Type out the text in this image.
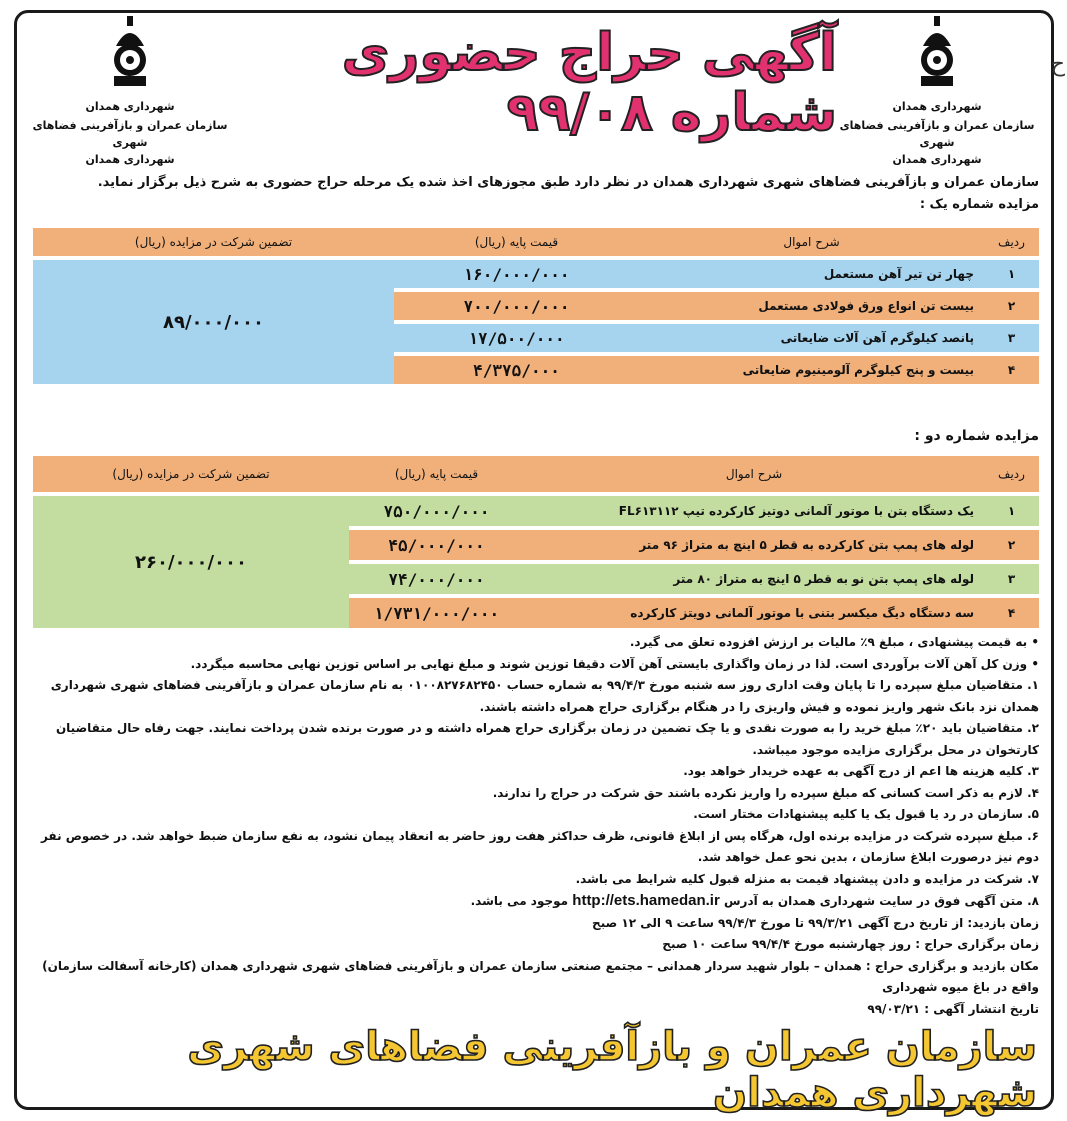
ح
شهرداری همدان
سازمان عمران و بازآفرینی فضاهای شهری
شهرداری همدان
شهرداری همدان
سازمان عمران و بازآفرینی فضاهای شهری
شهرداری همدان
آگهی حراج حضوری شماره ۹۹/۰۸
سازمان عمران و بازآفرینی فضاهای شهری شهرداری همدان در نظر دارد طبق مجوزهای اخذ شده یک مرحله حراج حضوری به شرح ذیل برگزار نماید.
مزایده شماره یک :
ردیف	شرح اموال	قیمت پایه (ریال)	تضمین شرکت در مزایده (ریال)
۱	چهار تن تیر آهن مستعمل	۱۶۰/۰۰۰/۰۰۰	۸۹/۰۰۰/۰۰۰
۲	بیست تن انواع ورق فولادی مستعمل	۷۰۰/۰۰۰/۰۰۰	
۳	پانصد کیلوگرم آهن آلات ضایعاتی	۱۷/۵۰۰/۰۰۰	
۴	بیست و پنج کیلوگرم آلومینیوم ضایعاتی	۴/۳۷۵/۰۰۰	
مزایده شماره دو :
ردیف	شرح اموال	قیمت پایه (ریال)	تضمین شرکت در مزایده (ریال)
۱	یک دستگاه بتن با موتور آلمانی دوتیز کارکرده تیپ FL۶۱۳۱۱۲	۷۵۰/۰۰۰/۰۰۰	۲۶۰/۰۰۰/۰۰۰
۲	لوله های پمپ بتن کارکرده به قطر ۵ اینچ به متراژ ۹۶ متر	۴۵/۰۰۰/۰۰۰	
۳	لوله های پمپ بتن نو به قطر ۵ اینچ به متراژ ۸۰ متر	۷۴/۰۰۰/۰۰۰	
۴	سه دستگاه دیگ میکسر بتنی با موتور آلمانی دویتز کارکرده	۱/۷۳۱/۰۰۰/۰۰۰	

• به قیمت پیشنهادی ، مبلغ ۹٪ مالیات بر ارزش افزوده تعلق می گیرد.

• وزن کل آهن آلات برآوردی است. لذا در زمان واگذاری بایستی آهن آلات دقیقا توزین شوند و مبلغ نهایی بر اساس توزین نهایی محاسبه میگردد.

۱. متقاضیان مبلغ سپرده را تا پایان وقت اداری روز سه شنبه مورخ ۹۹/۴/۳ به شماره حساب ۰۱۰۰۸۲۷۶۸۲۴۵۰ به نام سازمان عمران و بازآفرینی فضاهای شهری شهرداری همدان نزد بانک شهر واریز نموده و فیش واریزی را در هنگام برگزاری حراج همراه داشته باشند.

۲. متقاضیان باید ۲۰٪ مبلغ خرید را به صورت نقدی و یا چک تضمین در زمان برگزاری حراج همراه داشته و در صورت برنده شدن پرداخت نمایند. جهت رفاه حال متقاضیان کارتخوان در محل برگزاری مزایده موجود میباشد.

۳. کلیه هزینه ها اعم از درج آگهی به عهده خریدار خواهد بود.

۴. لازم به ذکر است کسانی که مبلغ سپرده را واریز نکرده باشند حق شرکت در حراج را ندارند.

۵. سازمان در رد یا قبول یک یا کلیه پیشنهادات مختار است.

۶. مبلغ سپرده شرکت در مزایده برنده اول، هرگاه پس از ابلاغ قانونی، ظرف حداکثر هفت روز حاضر به انعقاد پیمان نشود، به نفع سازمان ضبط خواهد شد. در خصوص نفر دوم نیز درصورت ابلاغ سازمان ، بدین نحو عمل خواهد شد.

۷. شرکت در مزایده و دادن پیشنهاد قیمت به منزله قبول کلیه شرایط می باشد.

۸. متن آگهی فوق در سایت شهرداری همدان به آدرس http://ets.hamedan.ir موجود می باشد.

زمان بازدید: از تاریخ درج آگهی ۹۹/۳/۲۱ تا مورخ ۹۹/۴/۳ ساعت ۹ الی ۱۲ صبح

زمان برگزاری حراج : روز چهارشنبه مورخ ۹۹/۴/۴ ساعت ۱۰ صبح

مکان بازدید و برگزاری حراج : همدان – بلوار شهید سردار همدانی – مجتمع صنعتی سازمان عمران و بازآفرینی فضاهای شهری شهرداری همدان (کارخانه آسفالت سازمان) واقع در باغ میوه شهرداری

تاریخ انتشار آگهی : ۹۹/۰۳/۲۱

سازمان عمران و بازآفرینی فضاهای شهری شهرداری همدان
